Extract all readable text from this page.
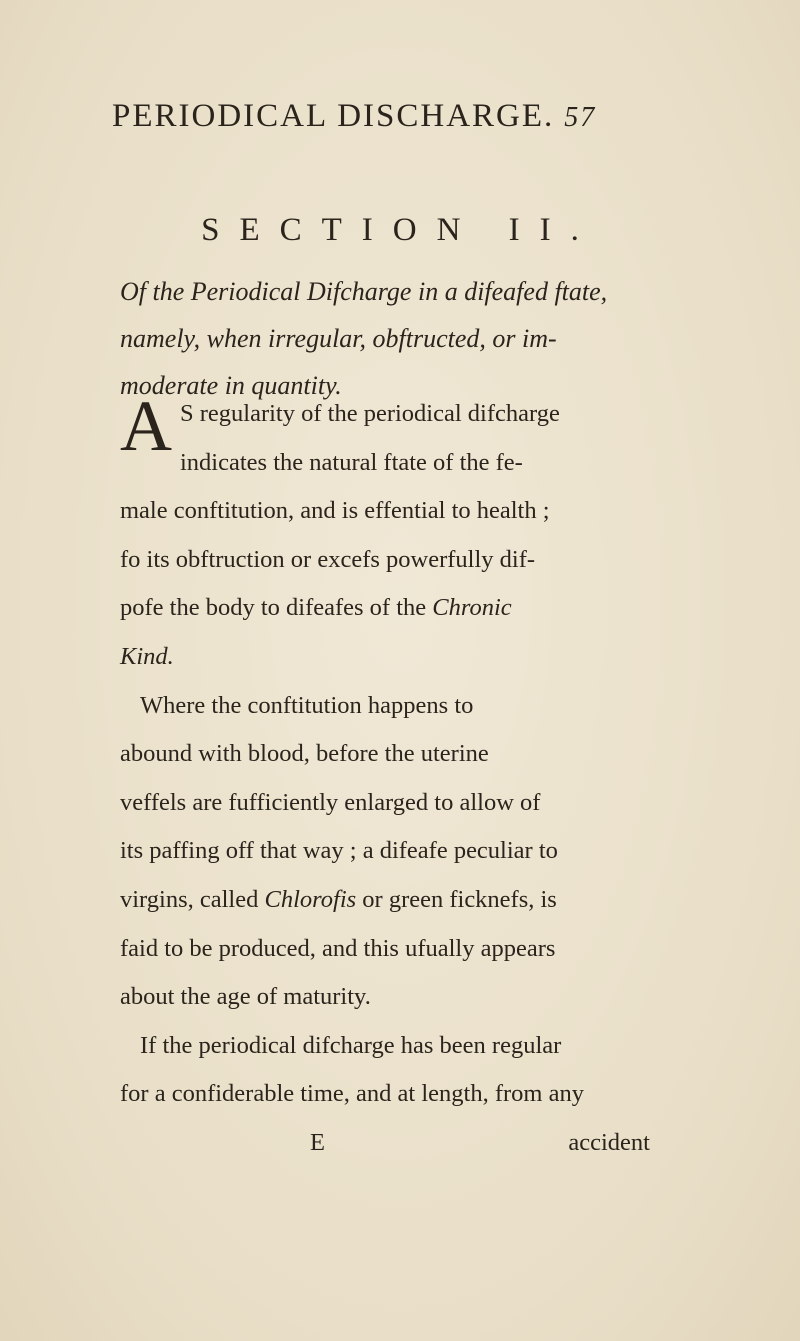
PERIODICAL DISCHARGE. 57
SECTION II.
Of the Periodical Difcharge in a difeafed ftate,
namely, when irregular, obftructed, or im-
moderate in quantity.
A S regularity of the periodical difcharge
indicates the natural ftate of the fe-
male conftitution, and is effential to health ;
fo its obftruction or excefs powerfully dif-
pofe the body to difeafes of the Chronic
Kind.
Where the conftitution happens to
abound with blood, before the uterine
veffels are fufficiently enlarged to allow of
its paffing off that way ; a difeafe peculiar to
virgins, called Chlorofis or green ficknefs, is
faid to be produced, and this ufually appears
about the age of maturity.
If the periodical difcharge has been regular
for a confiderable time, and at length, from any
E	accident
